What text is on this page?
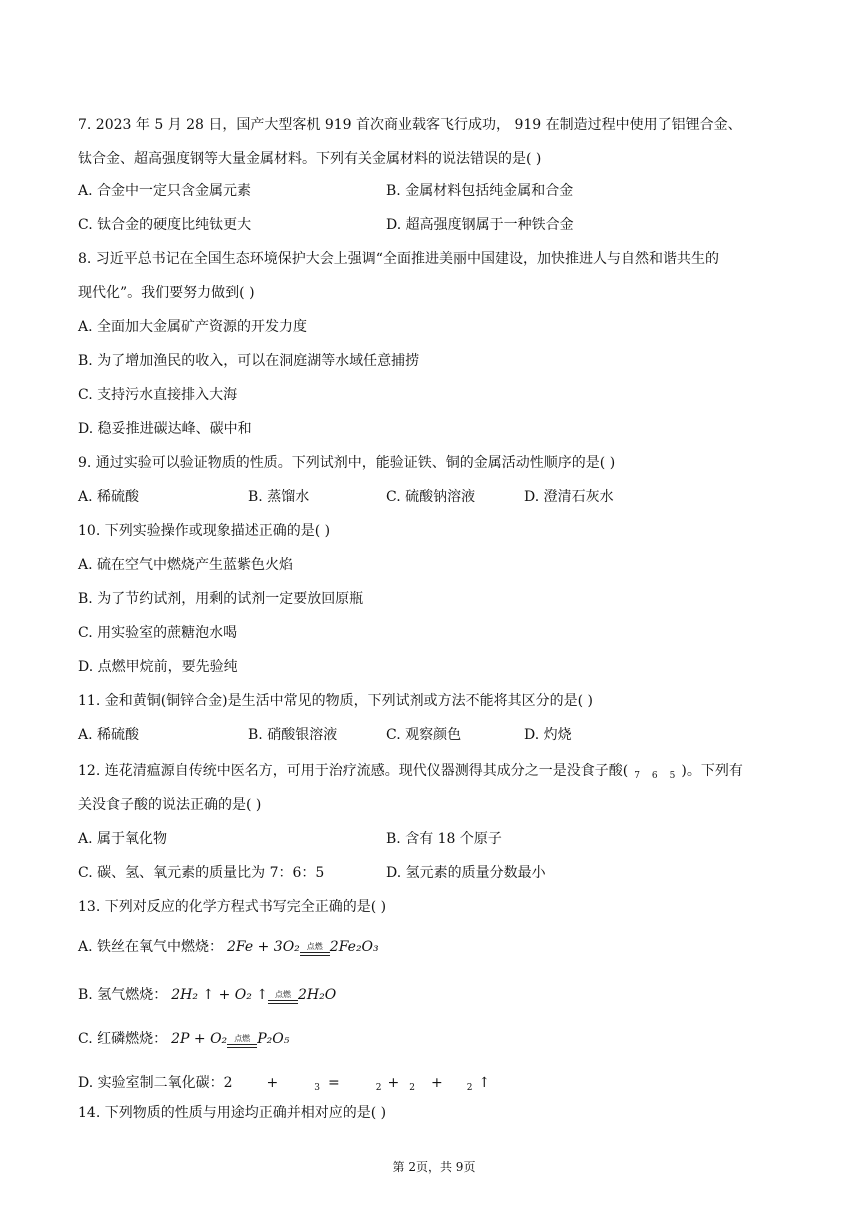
7. 2023 年 5 月 28 日，国产大型客机 919 首次商业载客飞行成功， 919 在制造过程中使用了铝锂合金、
钛合金、超高强度钢等大量金属材料。下列有关金属材料的说法错误的是( )
A. 合金中一定只含金属元素	B. 金属材料包括纯金属和合金
C. 钛合金的硬度比纯钛更大	D. 超高强度钢属于一种铁合金
8. 习近平总书记在全国生态环境保护大会上强调“全面推进美丽中国建设，加快推进人与自然和谐共生的
现代化”。我们要努力做到( )
A. 全面加大金属矿产资源的开发力度
B. 为了增加渔民的收入，可以在洞庭湖等水域任意捕捞
C. 支持污水直接排入大海
D. 稳妥推进碳达峰、碳中和
9. 通过实验可以验证物质的性质。下列试剂中，能验证铁、铜的金属活动性顺序的是( )
A. 稀硫酸	B. 蒸馏水	C. 硫酸钠溶液	D. 澄清石灰水
10. 下列实验操作或现象描述正确的是( )
A. 硫在空气中燃烧产生蓝紫色火焰
B. 为了节约试剂，用剩的试剂一定要放回原瓶
C. 用实验室的蔗糖泡水喝
D. 点燃甲烷前，要先验纯
11. 金和黄铜(铜锌合金)是生活中常见的物质，下列试剂或方法不能将其区分的是( )
A. 稀硫酸	B. 硝酸银溶液	C. 观察颜色	D. 灼烧
12. 连花清瘟源自传统中医名方，可用于治疗流感。现代仪器测得其成分之一是没食子酸( $_7$ $_6$ $_5$ )。下列有
关没食子酸的说法正确的是( )
A. 属于氧化物	B. 含有 18 个原子
C. 碳、氢、氧元素的质量比为 7：6：5	D. 氢元素的质量分数最小
13. 下列对反应的化学方程式书写完全正确的是( )
A. 铁丝在氧气中燃烧： 2Fe + 3O₂ 点燃 2Fe₂O₃
B. 氢气燃烧： 2H₂ ↑ + O₂ ↑ 点燃 2H₂O
C. 红磷燃烧： 2P + O₂ 点燃 P₂O₅
D. 实验室制二氧化碳：2 +	$_3$ =	$_2$ + $_2$ +	$_2$ ↑
14. 下列物质的性质与用途均正确并相对应的是( )
第 2页，共 9页
